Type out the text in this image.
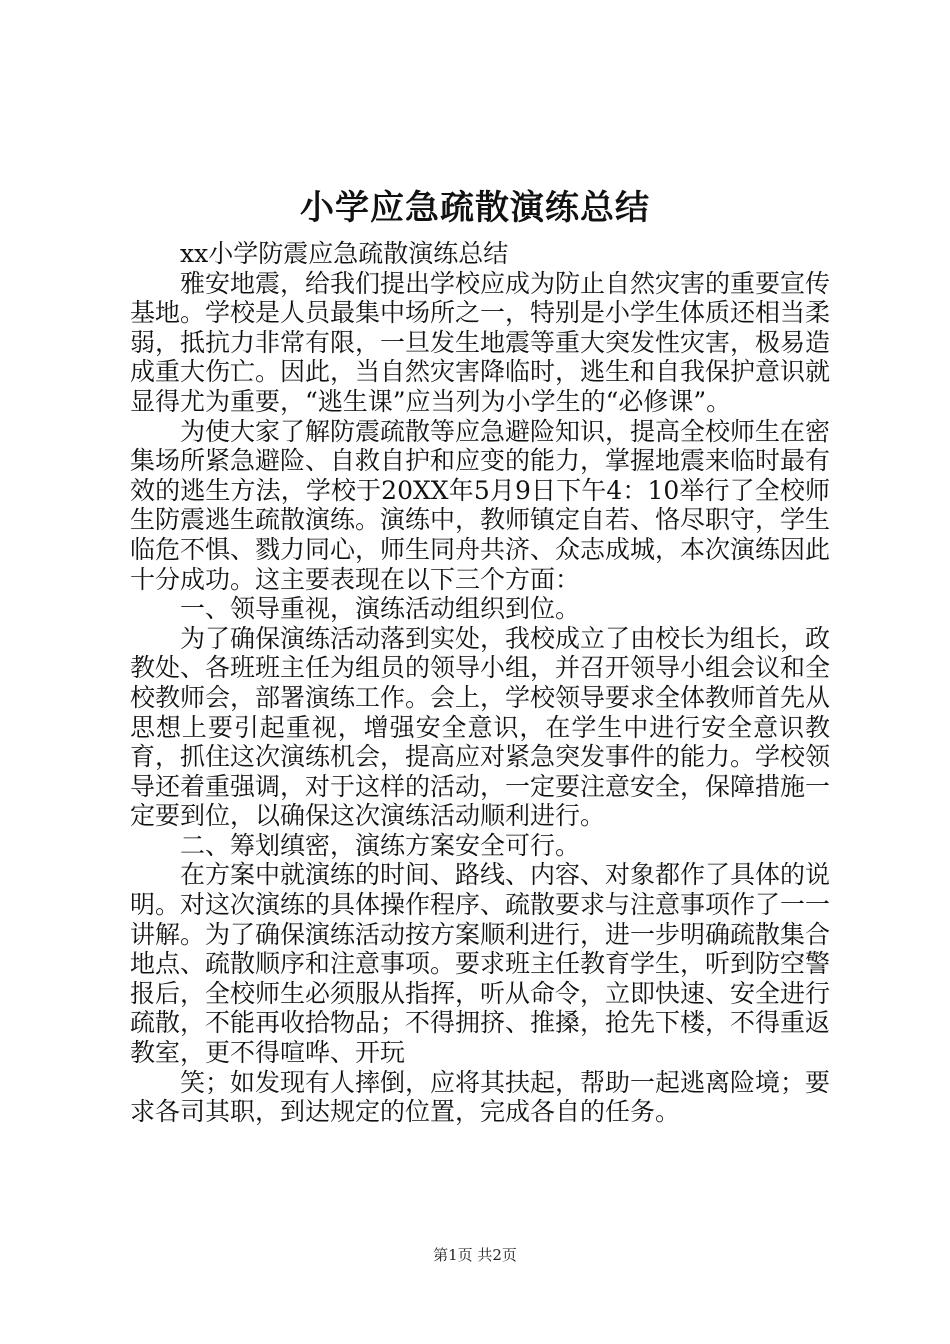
小学应急疏散演练总结

xx小学防震应急疏散演练总结

雅安地震，给我们提出学校应成为防止自然灾害的重要宣传基地。学校是人员最集中场所之一，特别是小学生体质还相当柔弱，抵抗力非常有限，一旦发生地震等重大突发性灾害，极易造成重大伤亡。因此，当自然灾害降临时，逃生和自我保护意识就显得尤为重要，“逃生课”应当列为小学生的“必修课”。

为使大家了解防震疏散等应急避险知识，提高全校师生在密集场所紧急避险、自救自护和应变的能力，掌握地震来临时最有效的逃生方法，学校于20XX年5月9日下午4：10举行了全校师生防震逃生疏散演练。演练中，教师镇定自若、恪尽职守，学生临危不惧、戮力同心，师生同舟共济、众志成城，本次演练因此十分成功。这主要表现在以下三个方面：

一、领导重视，演练活动组织到位。

为了确保演练活动落到实处，我校成立了由校长为组长，政教处、各班班主任为组员的领导小组，并召开领导小组会议和全校教师会，部署演练工作。会上，学校领导要求全体教师首先从思想上要引起重视，增强安全意识，在学生中进行安全意识教育，抓住这次演练机会，提高应对紧急突发事件的能力。学校领导还着重强调，对于这样的活动，一定要注意安全，保障措施一定要到位，以确保这次演练活动顺利进行。

二、筹划缜密，演练方案安全可行。

在方案中就演练的时间、路线、内容、对象都作了具体的说明。对这次演练的具体操作程序、疏散要求与注意事项作了一一讲解。为了确保演练活动按方案顺利进行，进一步明确疏散集合地点、疏散顺序和注意事项。要求班主任教育学生，听到防空警报后，全校师生必须服从指挥，听从命令，立即快速、安全进行疏散，不能再收拾物品；不得拥挤、推搡，抢先下楼，不得重返教室，更不得喧哗、开玩

笑；如发现有人摔倒，应将其扶起，帮助一起逃离险境；要求各司其职，到达规定的位置，完成各自的任务。

第1页 共2页
